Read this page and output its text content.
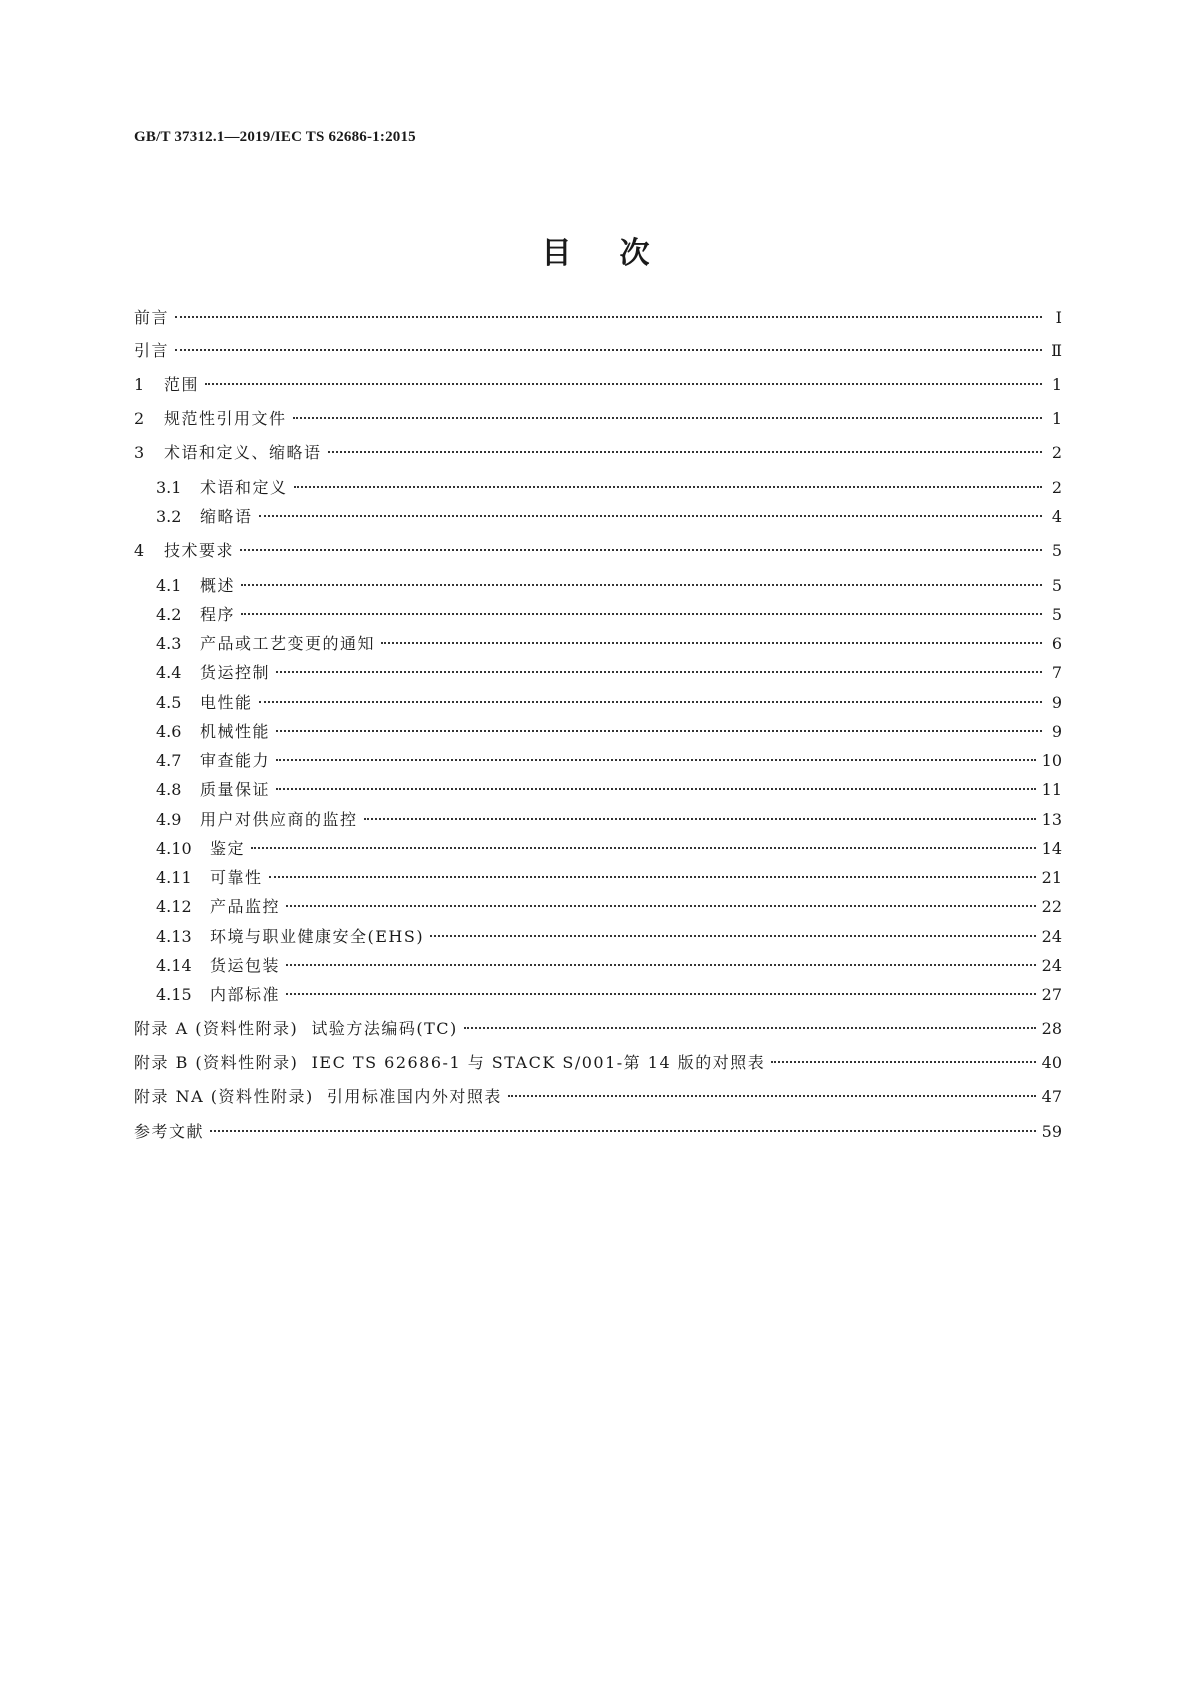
GB/T 37312.1—2019/IEC TS 62686-1:2015
目次
前言	Ⅰ
引言	Ⅱ
1	范围	1
2	规范性引用文件	1
3	术语和定义、缩略语	2
3.1	术语和定义	2
3.2	缩略语	4
4	技术要求	5
4.1	概述	5
4.2	程序	5
4.3	产品或工艺变更的通知	6
4.4	货运控制	7
4.5	电性能	9
4.6	机械性能	9
4.7	审查能力	10
4.8	质量保证	11
4.9	用户对供应商的监控	13
4.10	鉴定	14
4.11	可靠性	21
4.12	产品监控	22
4.13	环境与职业健康安全(EHS)	24
4.14	货运包装	24
4.15	内部标准	27
附录 A (资料性附录)  试验方法编码(TC)	28
附录 B (资料性附录)  IEC TS 62686-1 与 STACK S/001-第 14 版的对照表	40
附录 NA (资料性附录)  引用标准国内外对照表	47
参考文献	59
